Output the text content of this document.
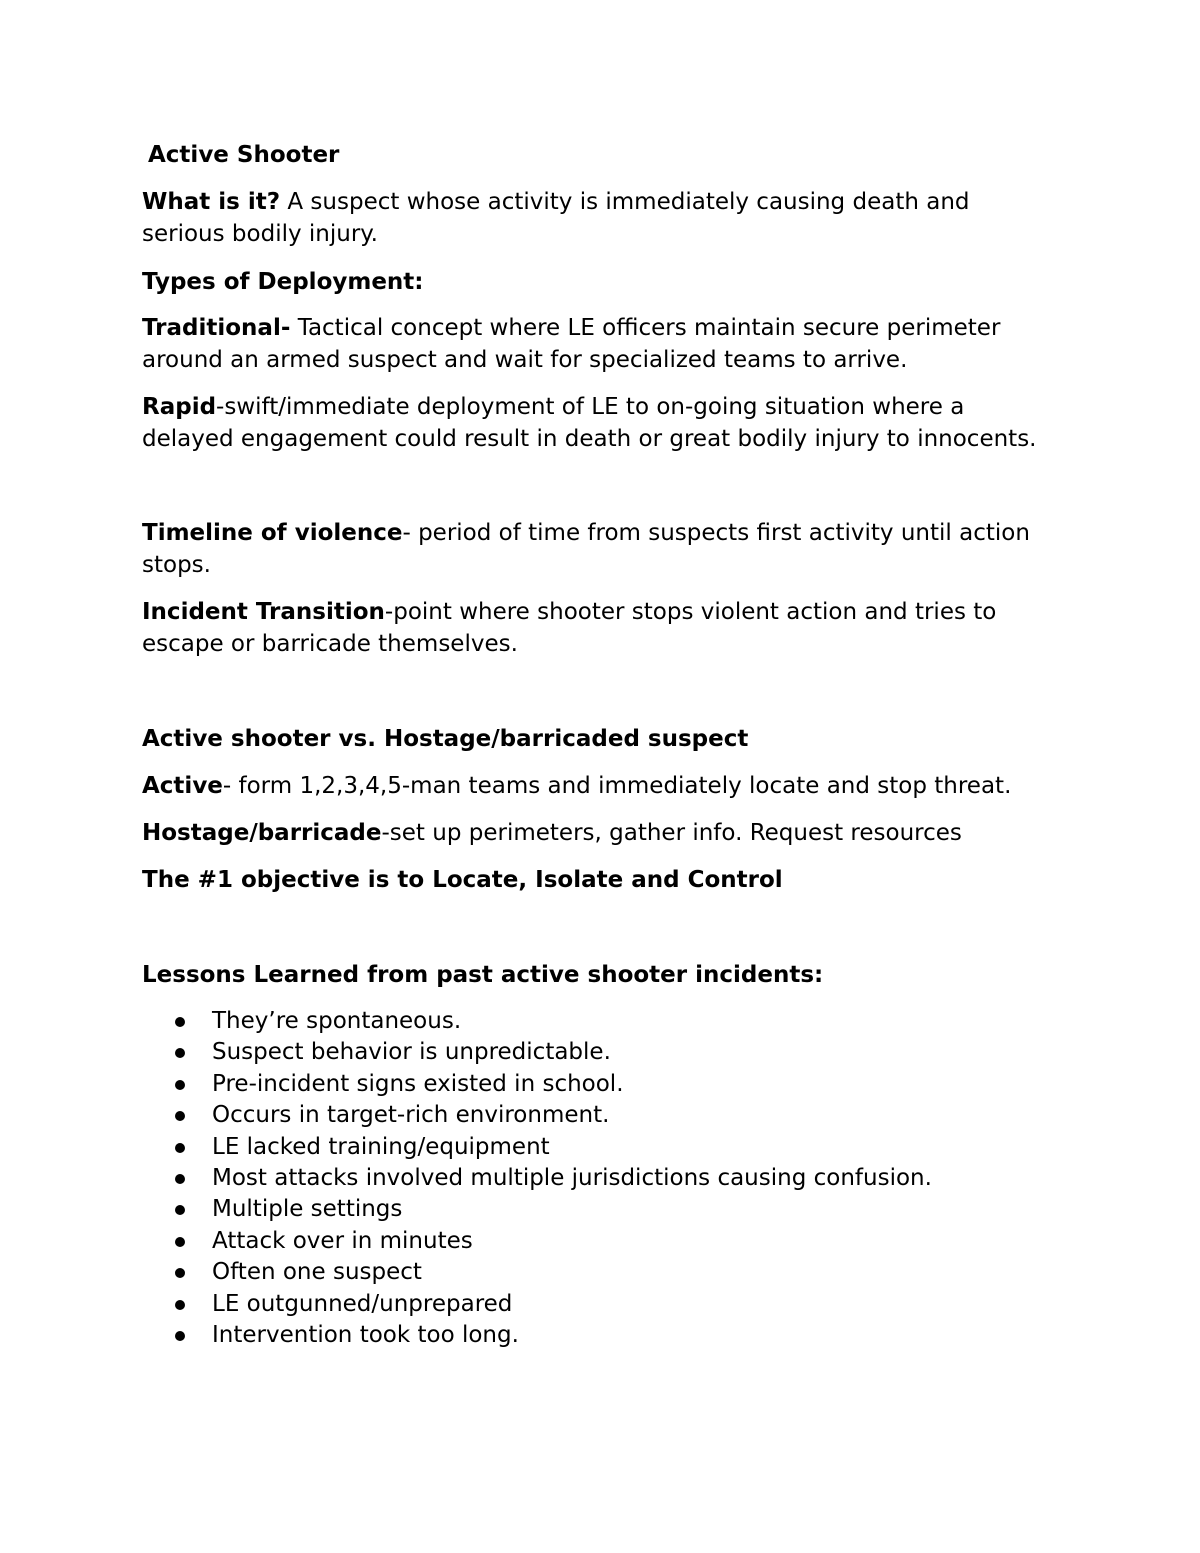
Active Shooter
What is it? A suspect whose activity is immediately causing death and
serious bodily injury.
Types of Deployment:
Traditional- Tactical concept where LE officers maintain secure perimeter
around an armed suspect and wait for specialized teams to arrive.
Rapid-swift/immediate deployment of LE to on-going situation where a
delayed engagement could result in death or great bodily injury to innocents.
Timeline of violence- period of time from suspects first activity until action
stops.
Incident Transition-point where shooter stops violent action and tries to
escape or barricade themselves.
Active shooter vs. Hostage/barricaded suspect
Active- form 1,2,3,4,5-man teams and immediately locate and stop threat.
Hostage/barricade-set up perimeters, gather info. Request resources
The #1 objective is to Locate, Isolate and Control
Lessons Learned from past active shooter incidents:
They’re spontaneous.
Suspect behavior is unpredictable.
Pre-incident signs existed in school.
Occurs in target-rich environment.
LE lacked training/equipment
Most attacks involved multiple jurisdictions causing confusion.
Multiple settings
Attack over in minutes
Often one suspect
LE outgunned/unprepared
Intervention took too long.
